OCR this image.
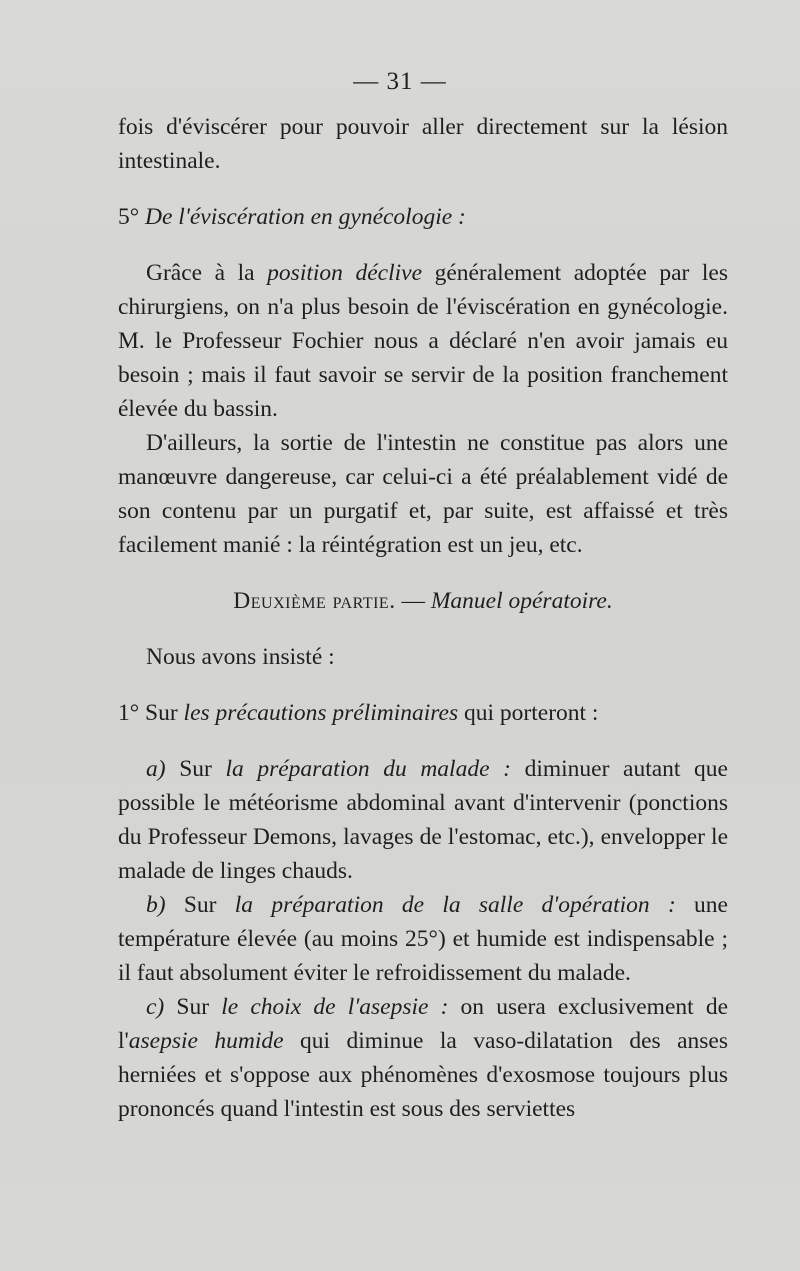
— 31 —

fois d'éviscérer pour pouvoir aller directement sur la lésion intestinale.

5° De l'éviscération en gynécologie :

Grâce à la position déclive généralement adoptée par les chirurgiens, on n'a plus besoin de l'éviscération en gynécologie. M. le Professeur Fochier nous a déclaré n'en avoir jamais eu besoin ; mais il faut savoir se servir de la position franchement élevée du bassin.

D'ailleurs, la sortie de l'intestin ne constitue pas alors une manœuvre dangereuse, car celui-ci a été préalablement vidé de son contenu par un purgatif et, par suite, est affaissé et très facilement manié : la réintégration est un jeu, etc.

Deuxième partie. — Manuel opératoire.

Nous avons insisté :

1° Sur les précautions préliminaires qui porteront :

a) Sur la préparation du malade : diminuer autant que possible le météorisme abdominal avant d'intervenir (ponctions du Professeur Demons, lavages de l'estomac, etc.), envelopper le malade de linges chauds.

b) Sur la préparation de la salle d'opération : une température élevée (au moins 25°) et humide est indispensable ; il faut absolument éviter le refroidissement du malade.

c) Sur le choix de l'asepsie : on usera exclusivement de l'asepsie humide qui diminue la vaso-dilatation des anses herniées et s'oppose aux phénomènes d'exosmose toujours plus prononcés quand l'intestin est sous des serviettes
